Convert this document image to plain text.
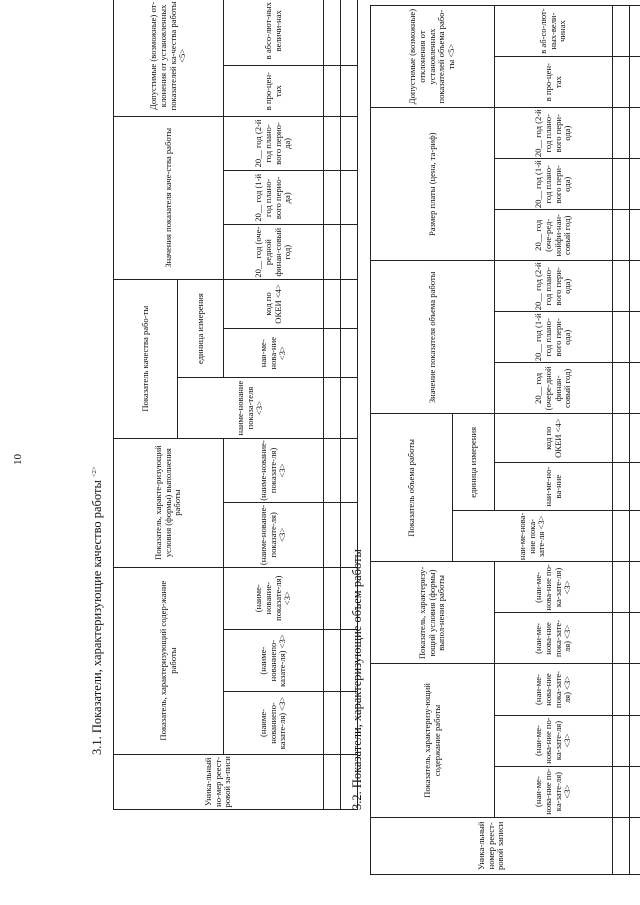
10
3.1. Показатели, характеризующие качество работы $^{<2>}$
Уника-льный но-мер реест-ровой за-писи	Показатель, характеризующий содер-жание работы			Показатель, характе-ризующий условия (формы) выполнения работы		Показатель качества рабо-ты			Значения показателя каче-ства работы			Допустимые (возможные) от-клонения от установленных показателей ка-чества работы <5>	
						наиме-нование показа-теля <3>	единица измерения						
	(наиме-нованиепо-казате-ля) <3>	(наиме-нованиепо-казате-ля) <3>	(наиме-нование-показате-ля) <3>	(наиме-нование-показате-ля) <3>	(наиме-нование-показате-ля) <3>		наи-ме-нова-ние <3>	код по ОКЕИ <4>	20__ год (оче-редной финан-совый год)	20__ год (1-й год плано-вого перио-да)	20__ год (2-й год плано-вого перио-да)	в про-цен-тах	в абсо-лют-ных величи-нах

3.2. Показатели, характеризующие объем работы
Уника-льный номер реест-ровой записи	Показатель, характеризу-ющий содержание работы			Показатель, характеризу-ющий условия (формы) выпол-нения работы		Показатель объема работы			Значение показателя объема работы			Размер платы (цена, та-риф)			Допустимые (возможные) отклонения от установленных показателей объема рабо-ты <5>	
						наи-ме-нова-ние пока-зате-ля <3>	единица измерения									
	(наи-ме-нова-ние по-ка-зате-ля) <3>	(наи-ме-нова-ние по-ка-зате-ля) <3>	(наи-ме-нова-ние пока-зате-ля) <3>	(наи-ме-нова-ние пока-зате-ля) <3>	(наи-ме-нова-ние по-ка-зате-ля) <3>		наи-ме-но-ва-ние	код по ОКЕИ <4>	20__ год (очере-дной финан-совый год)	20__ год (1-й год плано-вого пери-ода)	20__ год (2-й год плано-вого пери-ода)	20__ год (оче-ред-нойфи-нан-совый год)	20__ год (1-й год плано-вого пери-ода)	20__ год (2-й год плано-вого пери-ода)	в про-цен-тах	в аб-со-лют-ных-вели-чинах
